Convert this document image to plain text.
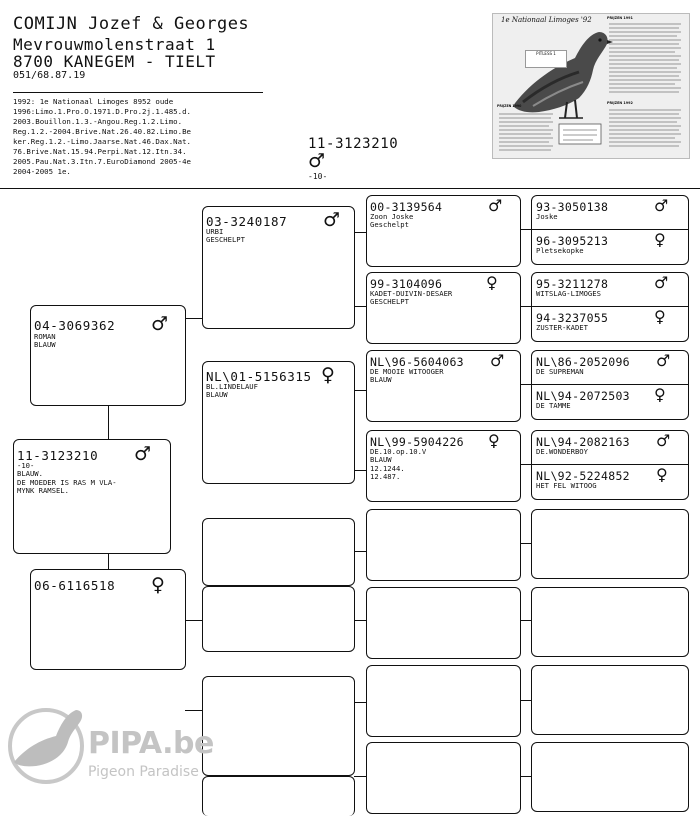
COMIJN Jozef & Georges
Mevrouwmolenstraat 1
8700 KANEGEM - TIELT
051/68.87.19
1992: 1e Nationaal Limoges 8952 oude
1996:Limo.1.Pro.O.1971.D.Pro.2j.1.485.d.
2003.Bouillon.1.3.-Angou.Reg.1.2.Limo.
Reg.1.2.-2004.Brive.Nat.26.40.82.Limo.Be
ker.Reg.1.2.-Limo.Jaarse.Nat.46.Dax.Nat.
76.Brive.Nat.15.94.Perpi.Nat.12.Itn.34.
2005.Pau.Nat.3.Itn.7.EuroDiamond 2005-4e
2004-2005 1e.
11-3123210
♂
-10-
1e Nationaal Limoges '92
PITLESS 1
PRIJZEN 1991
PRIJZEN 1992
PRIJZEN 1990
11-3123210 ♂
-10-
BLAUW.
DE MOEDER IS RAS M VLA-
MYNK RAMSEL.
04-3069362 ♂
ROMAN
BLAUW
06-6116518 ♀
03-3240187 ♂
URBI
GESCHELPT
NL\01-5156315 ♀
BL.LINDELAUF
BLAUW
00-3139564	♂
Zoon Joske
Geschelpt
99-3104096	♀
KADET-DUIVIN-DESAER
GESCHELPT
NL\96-5604063 ♂
DE MOOIE WITOOGER
BLAUW
NL\99-5904226 ♀
DE.10.op.10.V
BLAUW
12.1244.
12.487.
93-3050138	♂
Joske
96-3095213	♀
Pletsekopke
95-3211278	♂
WITSLAG-LIMOGES
94-3237055	♀
ZUSTER-KADET
NL\86-2052096 ♂
DE SUPREMAN
NL\94-2072503 ♀
DE TAMME
NL\94-2082163 ♂
DE.WONDERBOY
NL\92-5224852 ♀
HET FEL WITOOG
PIPA.be
Pigeon Paradise
